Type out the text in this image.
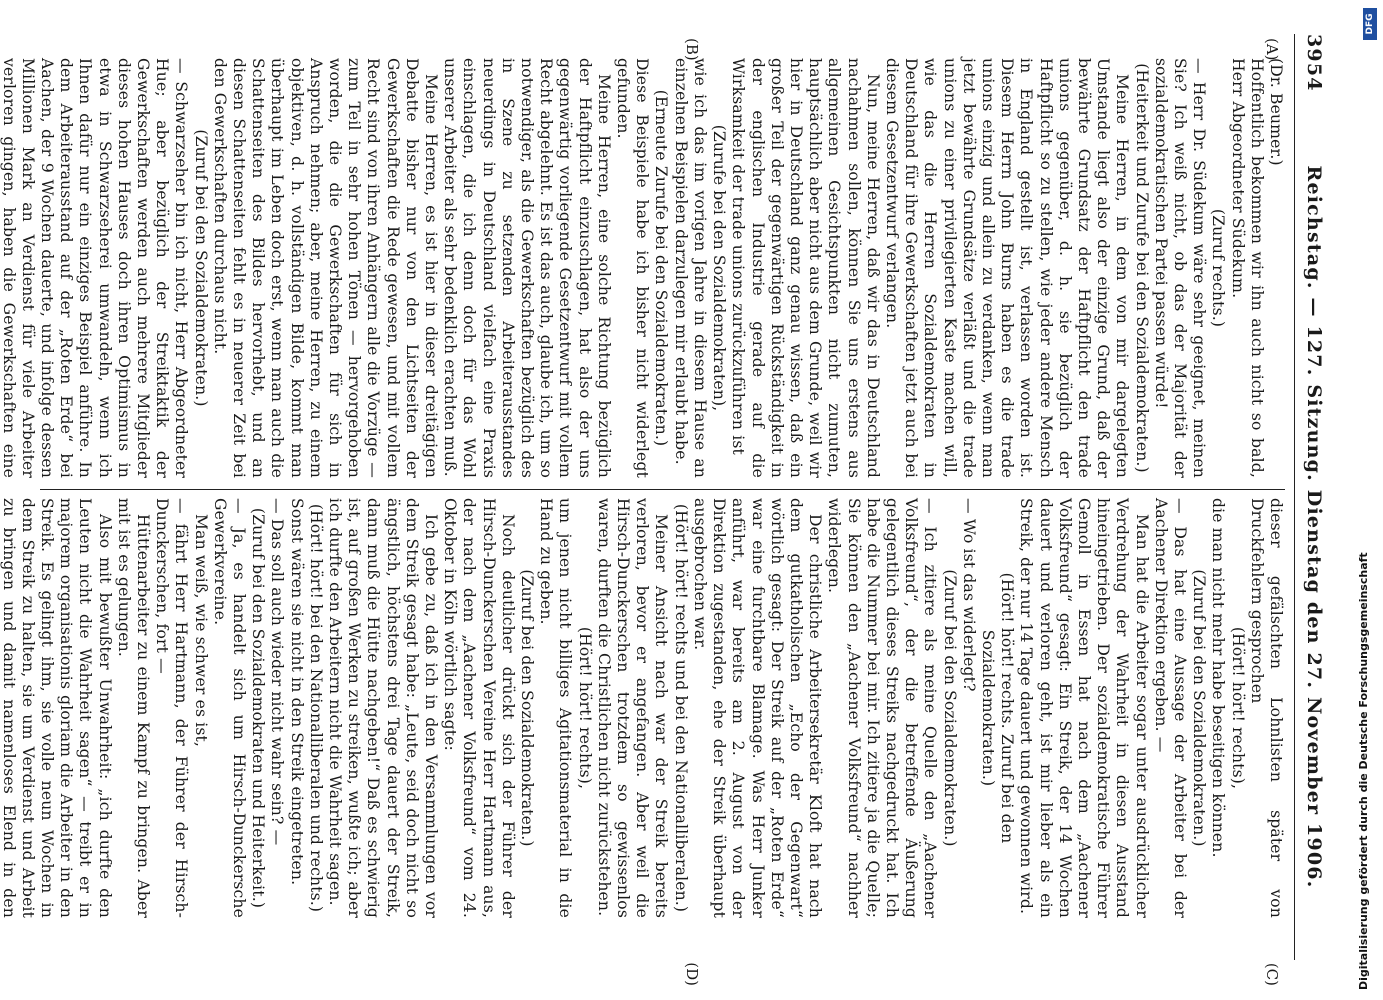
3954
Reichstag. — 127. Sitzung. Dienstag den 27. November 1906.
(A)
(B)
(C)
(D)

(Dr. Beumer.)

Hoffentlich bekommen wir ihn auch nicht so bald, Herr Abgeordneter Südekum.

(Zuruf rechts.)

— Herr Dr. Südekum wäre sehr geeignet, meinen Sie? Ich weiß nicht, ob das der Majorität der sozialdemokratischen Partei passen würde!

(Heiterkeit und Zurufe bei den Sozialdemokraten.)

Meine Herren, in dem von mir dargelegten Umstande liegt also der einzige Grund, daß der bewährte Grundsatz der Haftpflicht den trade unions gegenüber, d. h. sie bezüglich der Haftpflicht so zu stellen, wie jeder andere Mensch in England gestellt ist, verlassen worden ist. Diesem Herrn John Burns haben es die trade unions einzig und allein zu verdanken, wenn man jetzt bewährte Grundsätze verläßt und die trade unions zu einer privilegierten Kaste machen will, wie das die Herren Sozialdemokraten in Deutschland für ihre Gewerkschaften jetzt auch bei diesem Gesetzentwurf verlangen.

Nun, meine Herren, daß wir das in Deutschland nachahmen sollen, können Sie uns erstens aus allgemeinen Gesichtspunkten nicht zumuten, hauptsächlich aber nicht aus dem Grunde, weil wir hier in Deutschland ganz genau wissen, daß ein großer Teil der gegenwärtigen Rückständigkeit in der englischen Industrie gerade auf die Wirksamkeit der trade unions zurückzuführen ist

(Zurufe bei den Sozialdemokraten),

wie ich das im vorigen Jahre in diesem Hause an einzelnen Beispielen darzulegen mir erlaubt habe.

(Erneute Zurufe bei den Sozialdemokraten.)

Diese Beispiele habe ich bisher nicht widerlegt gefunden.

Meine Herren, eine solche Richtung bezüglich der Haftpflicht einzuschlagen, hat also der uns gegenwärtig vorliegende Gesetzentwurf mit vollem Recht abgelehnt. Es ist das auch, glaube ich, um so notwendiger, als die Gewerkschaften bezüglich des in Szene zu setzenden Arbeiterausstandes neuerdings in Deutschland vielfach eine Praxis einschlagen, die ich denn doch für das Wohl unserer Arbeiter als sehr bedenklich erachten muß.

Meine Herren, es ist hier in dieser dreitägigen Debatte bisher nur von den Lichtseiten der Gewerkschaften die Rede gewesen, und mit vollem Recht sind von ihren Anhängern alle die Vorzüge — zum Teil in sehr hohen Tönen — hervorgehoben worden, die die Gewerkschaften für sich in Anspruch nehmen; aber, meine Herren, zu einem objektiven, d. h. vollständigen Bilde, kommt man überhaupt im Leben doch erst, wenn man auch die Schattenseiten des Bildes hervorhebt, und an diesen Schattenseiten fehlt es in neuerer Zeit bei den Gewerkschaften durchaus nicht.

(Zuruf bei den Sozialdemokraten.)

— Schwarzseher bin ich nicht, Herr Abgeordneter Hue; aber bezüglich der Streiktaktik der Gewerkschaften werden auch mehrere Mitglieder dieses hohen Hauses doch ihren Optimismus in etwa in Schwarzseherei umwandeln, wenn ich Ihnen dafür nur ein einziges Beispiel anführe. In dem Arbeiterausstand auf der „Roten Erde“ bei Aachen, der 9 Wochen dauerte, und infolge dessen Millionen Mark an Verdienst für viele Arbeiter verloren gingen, haben die Gewerkschaften eine

dieser gefälschten Lohnlisten später von Druckfehlern gesprochen

(Hört! hört! rechts),

die man nicht mehr habe beseitigen können.

(Zuruf bei den Sozialdemokraten.)

— Das hat eine Aussage der Arbeiter bei der Aachener Direktion ergeben. —

Man hat die Arbeiter sogar unter ausdrücklicher Verdrehung der Wahrheit in diesen Ausstand hineingetrieben. Der sozialdemokratische Führer Gemoll in Essen hat nach dem „Aachener Volksfreund“ gesagt: Ein Streik, der 14 Wochen dauert und verloren geht, ist mir lieber als ein Streik, der nur 14 Tage dauert und gewonnen wird.

(Hört! hört! rechts. Zuruf bei den Sozialdemokraten.)

— Wo ist das widerlegt?

(Zuruf bei den Sozialdemokraten.)

— Ich zitiere als meine Quelle den „Aachener Volksfreund“, der die betreffende Äußerung gelegentlich dieses Streiks nachgedruckt hat. Ich habe die Nummer bei mir. Ich zitiere ja die Quelle; Sie können den „Aachener Volksfreund“ nachher widerlegen.

Der christliche Arbeitersekretär Kloft hat nach dem gutkatholischen „Echo der Gegenwart“ wörtlich gesagt: Der Streik auf der „Roten Erde“ war eine furchtbare Blamage. Was Herr Junker anführt, war bereits am 2. August von der Direktion zugestanden, ehe der Streik überhaupt ausgebrochen war.

(Hört! hört! rechts und bei den Nationalliberalen.)

Meiner Ansicht nach war der Streik bereits verloren, bevor er angefangen. Aber weil die Hirsch-Dunckerschen trotzdem so gewissenlos waren, durften die Christlichen nicht zurückstehen.

(Hört! hört! rechts),

um jenen nicht billiges Agitationsmaterial in die Hand zu geben.

(Zuruf bei den Sozialdemokraten.)

Noch deutlicher drückt sich der Führer der Hirsch-Dunckerschen Vereine Herr Hartmann aus, der nach dem „Aachener Volksfreund“ vom 24. Oktober in Köln wörtlich sagte:

Ich gebe zu, daß ich in den Versammlungen vor dem Streik gesagt habe: „Leute, seid doch nicht so ängstlich, höchstens drei Tage dauert der Streik, dann muß die Hütte nachgeben!“ Daß es schwierig ist, auf großen Werken zu streiken, wußte ich; aber ich durfte den Arbeitern nicht die Wahrheit sagen.

(Hört! hört! bei den Nationalliberalen und rechts.)

Sonst wären sie nicht in den Streik eingetreten.

— Das soll auch wieder nicht wahr sein? —

(Zuruf bei den Sozialdemokraten und Heiterkeit.)

— Ja, es handelt sich um Hirsch-Dunckersche Gewerkvereine.

Man weiß, wie schwer es ist,

— fährt Herr Hartmann, der Führer der Hirsch-Dunckerschen, fort —

Hüttenarbeiter zu einem Kampf zu bringen. Aber mit ist es gelungen.

Also mit bewußter Unwahrheit: „ich durfte den Leuten nicht die Wahrheit sagen“ — treibt er in majorem organisationis gloriam die Arbeiter in den Streik. Es gelingt ihm, sie volle neun Wochen in dem Streik zu halten, sie um Verdienst und Arbeit zu bringen und damit namenloses Elend in den	Digitalisierung gefördert durch die Deutsche Forschungsgemeinschaft
DFG
